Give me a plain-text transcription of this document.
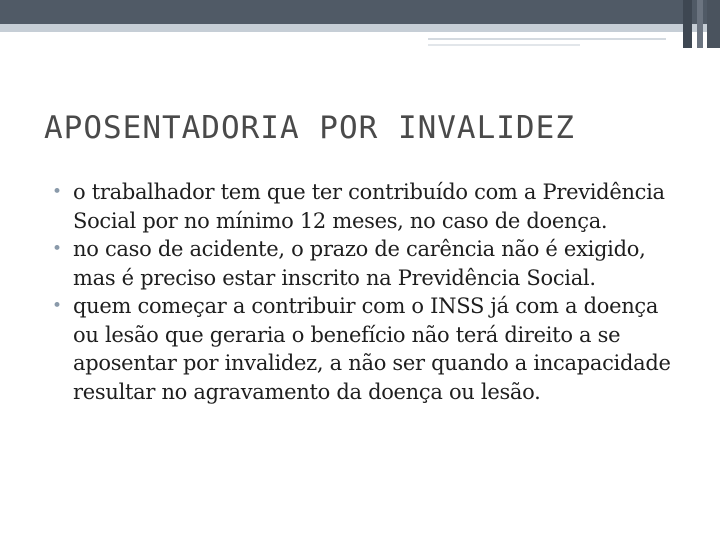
APOSENTADORIA POR INVALIDEZ
• o trabalhador tem que ter contribuído com a Previdência Social por no mínimo 12 meses, no caso de doença.
• no caso de acidente, o prazo de carência não é exigido, mas é preciso estar inscrito na Previdência Social.
• quem começar a contribuir com o INSS já com a doença ou lesão que geraria o benefício não terá direito a se aposentar por invalidez, a não ser quando a incapacidade resultar no agravamento da doença ou lesão.
